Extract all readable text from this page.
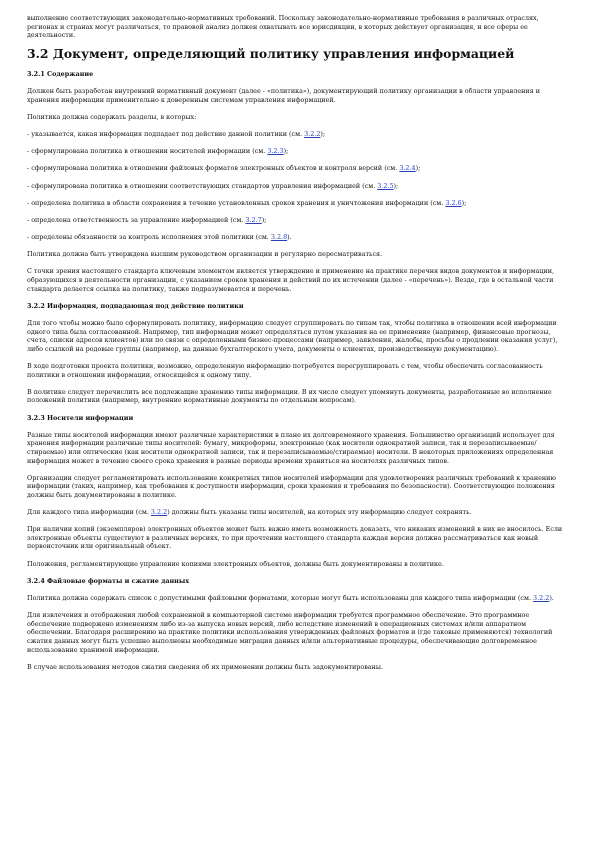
выполнение соответствующих законодательно-нормативных требований. Поскольку законодательно-нормативные требования в различных отраслях, регионах и странах могут различаться, то правовой анализ должен охватывать все юрисдикции, в которых действует организация, и все сферы ее деятельности.

3.2 Документ, определяющий политику управления информацией
3.2.1 Содержание

Должен быть разработан внутренний нормативный документ (далее - «политика»), документирующий политику организации в области управления и хранения информации применительно к доверенным системам управления информацией.

Политика должна содержать разделы, в которых:

- указывается, какая информация подпадает под действие данной политики (см. 3.2.2);
- сформулирована политика в отношении носителей информации (см. 3.2.3);
- сформулирована политика в отношении файловых форматов электронных объектов и контроля версий (см. 3.2.4);
- сформулирована политика в отношении соответствующих стандартов управления информацией (см. 3.2.5);
- определена политика в области сохранения в течение установленных сроков хранения и уничтожения информации (см. 3.2.6);
- определена ответственность за управление информацией (см. 3.2.7);
- определены обязанности за контроль исполнения этой политики (см. 3.2.8).

Политика должна быть утверждена высшим руководством организации и регулярно пересматриваться.

С точки зрения настоящего стандарта ключевым элементом является утверждение и применение на практике перечня видов документов и информации, образующихся в деятельности организации, с указанием сроков хранения и действий по их истечении (далее - «перечень»). Везде, где в остальной части стандарта делается ссылка на политику, также подразумевается и перечень.

3.2.2 Информация, подпадающая под действие политики

Для того чтобы можно было сформулировать политику, информацию следует сгруппировать по типам так, чтобы политика в отношении всей информации одного типа была согласованной. Например, тип информации может определяться путем указания на ее применение (например, финансовые прогнозы, счета, списки адресов клиентов) или по связи с определенными бизнес-процессами (например, заявления, жалобы, просьбы о продлении оказания услуг), либо ссылкой на родовые группы (например, на данные бухгалтерского учета, документы о клиентах, производственную документацию).

В ходе подготовки проекта политики, возможно, определенную информацию потребуется перегруппировать с тем, чтобы обеспечить согласованность политики в отношении информации, относящейся к одному типу.

В политике следует перечислить все подлежащие хранению типы информации. В их числе следует упомянуть документы, разработанные во исполнение положений политики (например, внутренние нормативные документы по отдельным вопросам).

3.2.3 Носители информации

Разные типы носителей информации имеют различные характеристики в плане их долговременного хранения. Большинство организаций использует для хранения информации различные типы носителей: бумагу, микроформы, электронные (как носители однократной записи, так и перезаписываемые/стираемые) или оптические (как носители однократной записи, так и перезаписываемые/стираемые) носители. В некоторых приложениях определенная информация может в течение своего срока хранения в разные периоды времени храниться на носителях различных типов.

Организации следует регламентировать использование конкретных типов носителей информации для удовлетворения различных требований к хранению информации (таких, например, как требования к доступности информации, сроки хранения и требования по безопасности). Соответствующие положения должны быть документированы в политике.

Для каждого типа информации (см. 3.2.2) должны быть указаны типы носителей, на которых эту информацию следует сохранять.

При наличии копий (экземпляров) электронных объектов может быть важно иметь возможность доказать, что никаких изменений в них не вносилось. Если электронные объекты существуют в различных версиях, то при прочтении настоящего стандарта каждая версия должна рассматриваться как новый первоисточник или оригинальный объект.

Положения, регламентирующие управление копиями электронных объектов, должны быть документированы в политике.

3.2.4 Файловые форматы и сжатие данных

Политика должна содержать список с допустимыми файловыми форматами, которые могут быть использованы для каждого типа информации (см. 3.2.2).

Для извлечения и отображения любой сохраненной в компьютерной системе информации требуется программное обеспечение. Это программное обеспечение подвержено изменениям либо из-за выпуска новых версий, либо вследствие изменений в операционных системах и/или аппаратном обеспечении. Благодаря расширению на практике политики использования утвержденных файловых форматов и (где таковые применяются) технологий сжатия данных могут быть успешно выполнены необходимые миграция данных и/или альтернативные процедуры, обеспечивающие долговременное использование хранимой информации.

В случае использования методов сжатия сведения об их применении должны быть задокументированы.
